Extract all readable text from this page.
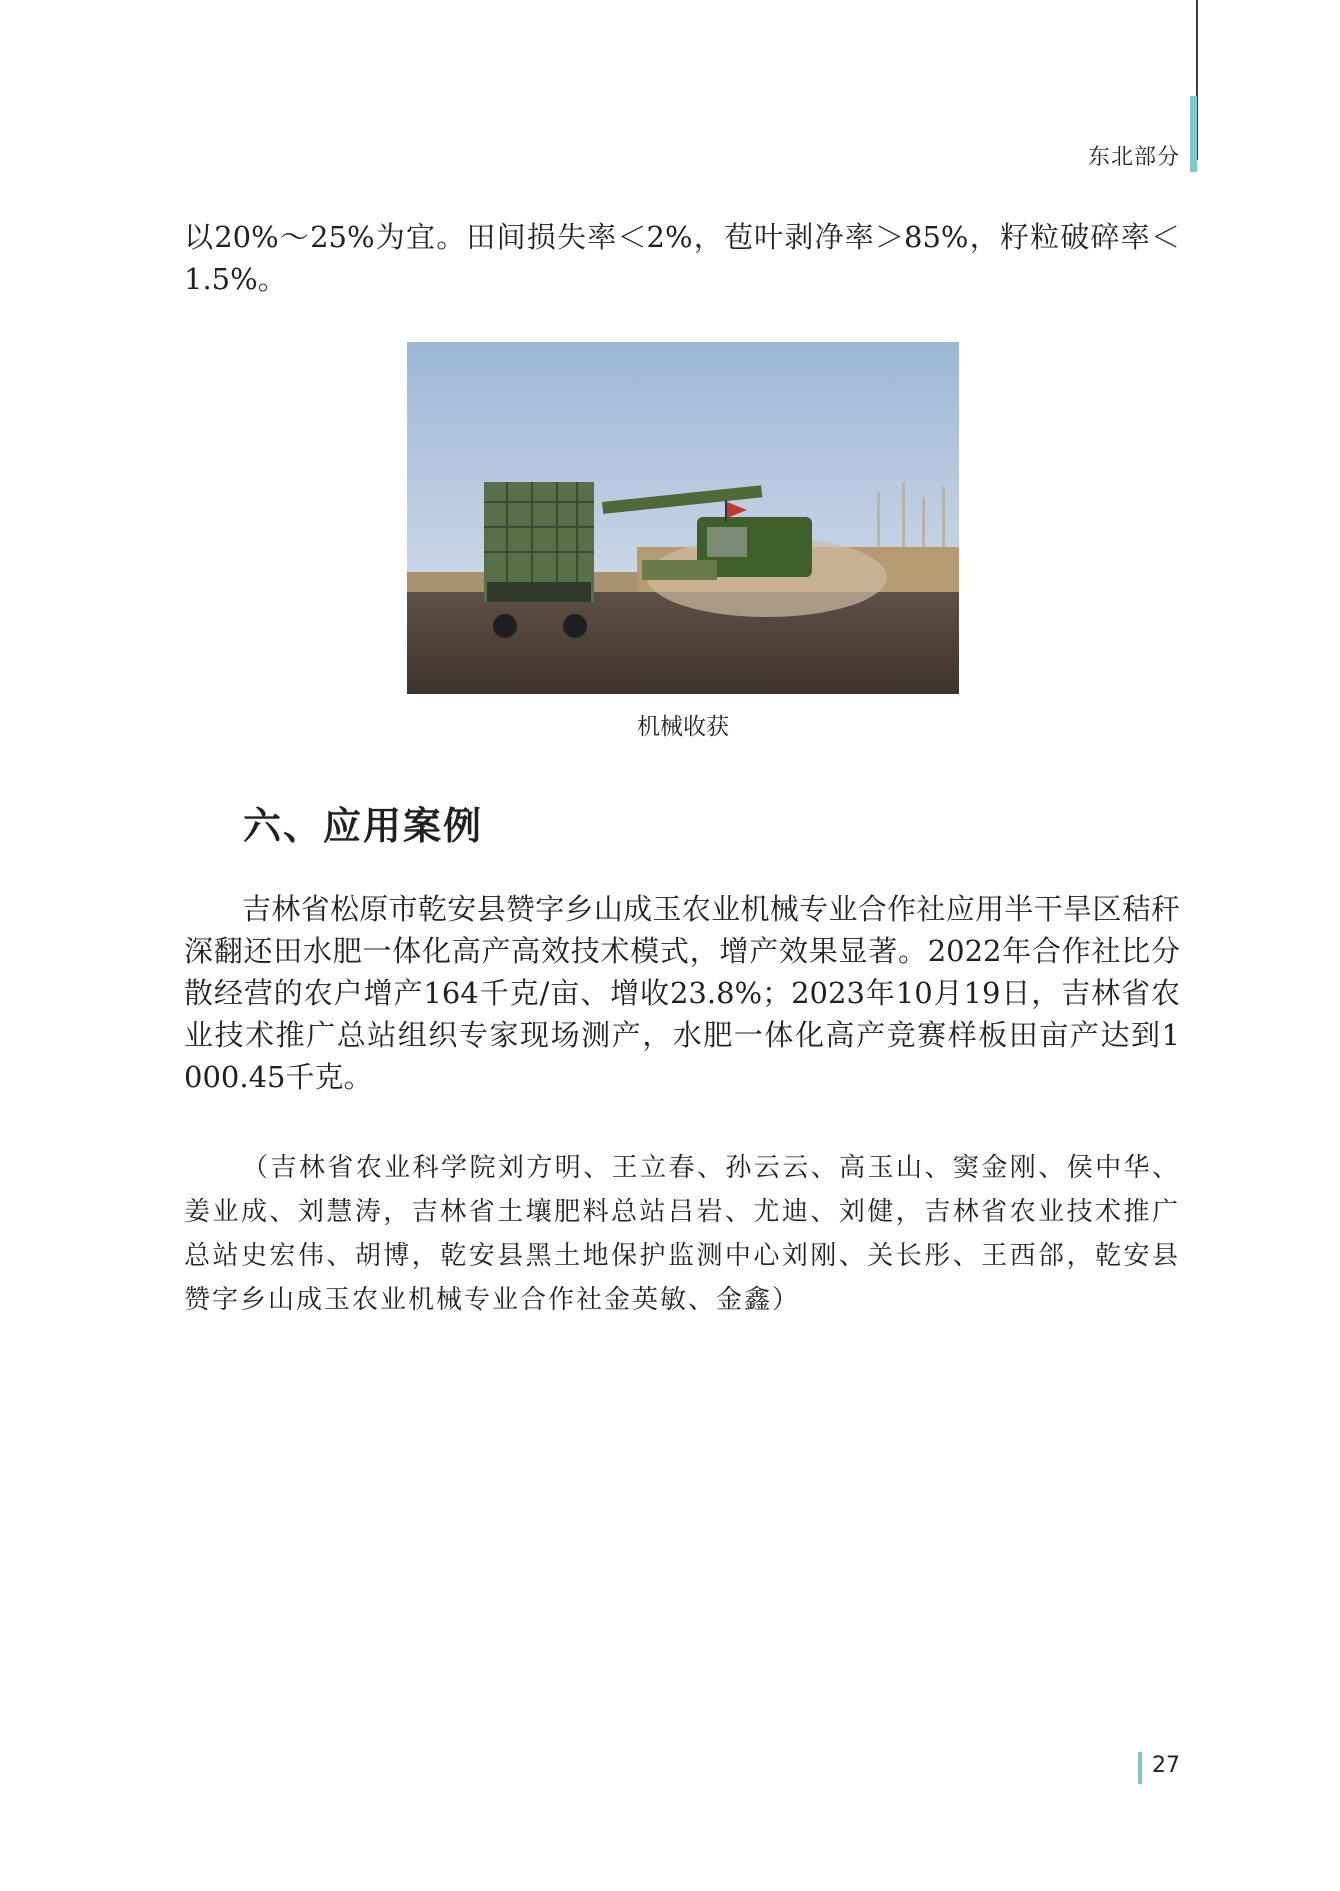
东北部分

以20%～25%为宜。田间损失率＜2%，苞叶剥净率＞85%，籽粒破碎率＜1.5%。

机械收获
六、应用案例

吉林省松原市乾安县赞字乡山成玉农业机械专业合作社应用半干旱区秸秆深翻还田水肥一体化高产高效技术模式，增产效果显著。2022年合作社比分散经营的农户增产164千克/亩、增收23.8%；2023年10月19日，吉林省农业技术推广总站组织专家现场测产，水肥一体化高产竞赛样板田亩产达到1 000.45千克。

（吉林省农业科学院刘方明、王立春、孙云云、高玉山、窦金刚、侯中华、姜业成、刘慧涛，吉林省土壤肥料总站吕岩、尤迪、刘健，吉林省农业技术推广总站史宏伟、胡博，乾安县黑土地保护监测中心刘刚、关长彤、王西郃，乾安县赞字乡山成玉农业机械专业合作社金英敏、金鑫）

27
